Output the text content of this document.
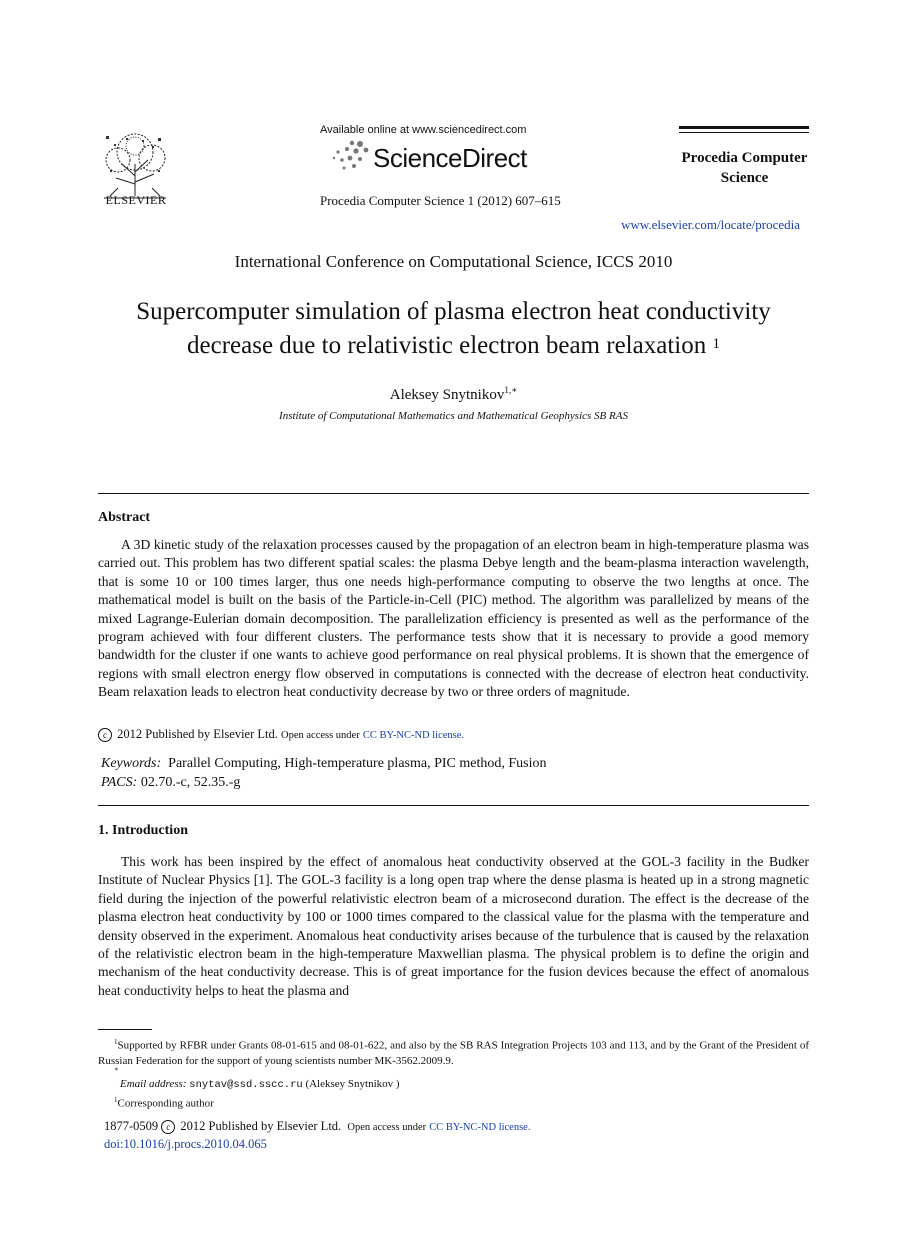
ELSEVIER
Available online at www.sciencedirect.com
ScienceDirect
Procedia Computer Science 1 (2012) 607–615
Procedia Computer
Science
www.elsevier.com/locate/procedia
International Conference on Computational Science, ICCS 2010
Supercomputer simulation of plasma electron heat conductivity
decrease due to relativistic electron beam relaxation $^1$
Aleksey Snytnikov$^{1,∗}$
Institute of Computational Mathematics and Mathematical Geophysics SB RAS
Abstract

A 3D kinetic study of the relaxation processes caused by the propagation of an electron beam in high-temperature plasma was carried out. This problem has two different spatial scales: the plasma Debye length and the beam-plasma interaction wavelength, that is some 10 or 100 times larger, thus one needs high-performance computing to observe the two lengths at once. The mathematical model is built on the basis of the Particle-in-Cell (PIC) method. The algorithm was parallelized by means of the mixed Lagrange-Eulerian domain decomposition. The parallelization efficiency is presented as well as the performance of the program achieved with four different clusters. The performance tests show that it is necessary to provide a good memory bandwidth for the cluster if one wants to achieve good performance on real physical problems. It is shown that the emergence of regions with small electron energy flow observed in computations is connected with the decrease of electron heat conductivity. Beam relaxation leads to electron heat conductivity decrease by two or three orders of magnitude.

c 2012 Published by Elsevier Ltd. Open access under CC BY-NC-ND license.
Keywords: Parallel Computing, High-temperature plasma, PIC method, Fusion
PACS: 02.70.-c, 52.35.-g
1. Introduction

This work has been inspired by the effect of anomalous heat conductivity observed at the GOL-3 facility in the Budker Institute of Nuclear Physics [1]. The GOL-3 facility is a long open trap where the dense plasma is heated up in a strong magnetic field during the injection of the powerful relativistic electron beam of a microsecond duration. The effect is the decrease of the plasma electron heat conductivity by 100 or 1000 times compared to the classical value for the plasma with the temperature and density observed in the experiment. Anomalous heat conductivity arises because of the turbulence that is caused by the relaxation of the relativistic electron beam in the high-temperature Maxwellian plasma. The physical problem is to define the origin and mechanism of the heat conductivity decrease. This is of great importance for the fusion devices because the effect of anomalous heat conductivity helps to heat the plasma and

$^1$Supported by RFBR under Grants 08-01-615 and 08-01-622, and also by the SB RAS Integration Projects 103 and 113, and by the Grant of the President of Russian Federation for the support of young scientists number MK-3562.2009.9.
∗
Email address: snytav@ssd.sscc.ru (Aleksey Snytnikov )
$^1$Corresponding author
1877-0509 c 2012 Published by Elsevier Ltd. Open access under CC BY-NC-ND license.
doi:10.1016/j.procs.2010.04.065
